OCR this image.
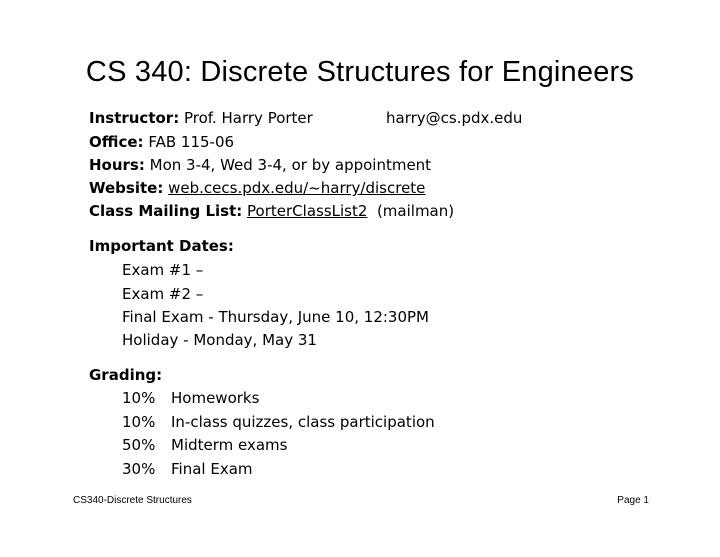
CS 340: Discrete Structures for Engineers
Instructor: Prof. Harry Porter	harry@cs.pdx.edu
Office: FAB 115-06
Hours: Mon 3-4, Wed 3-4, or by appointment
Website: web.cecs.pdx.edu/~harry/discrete
Class Mailing List: PorterClassList2 (mailman)
Important Dates:
Exam #1 –
Exam #2 –
Final Exam - Thursday, June 10, 12:30PM
Holiday - Monday, May 31
Grading:
10% Homeworks
10% In-class quizzes, class participation
50% Midterm exams
30% Final Exam
CS340-Discrete Structures	Page 1
